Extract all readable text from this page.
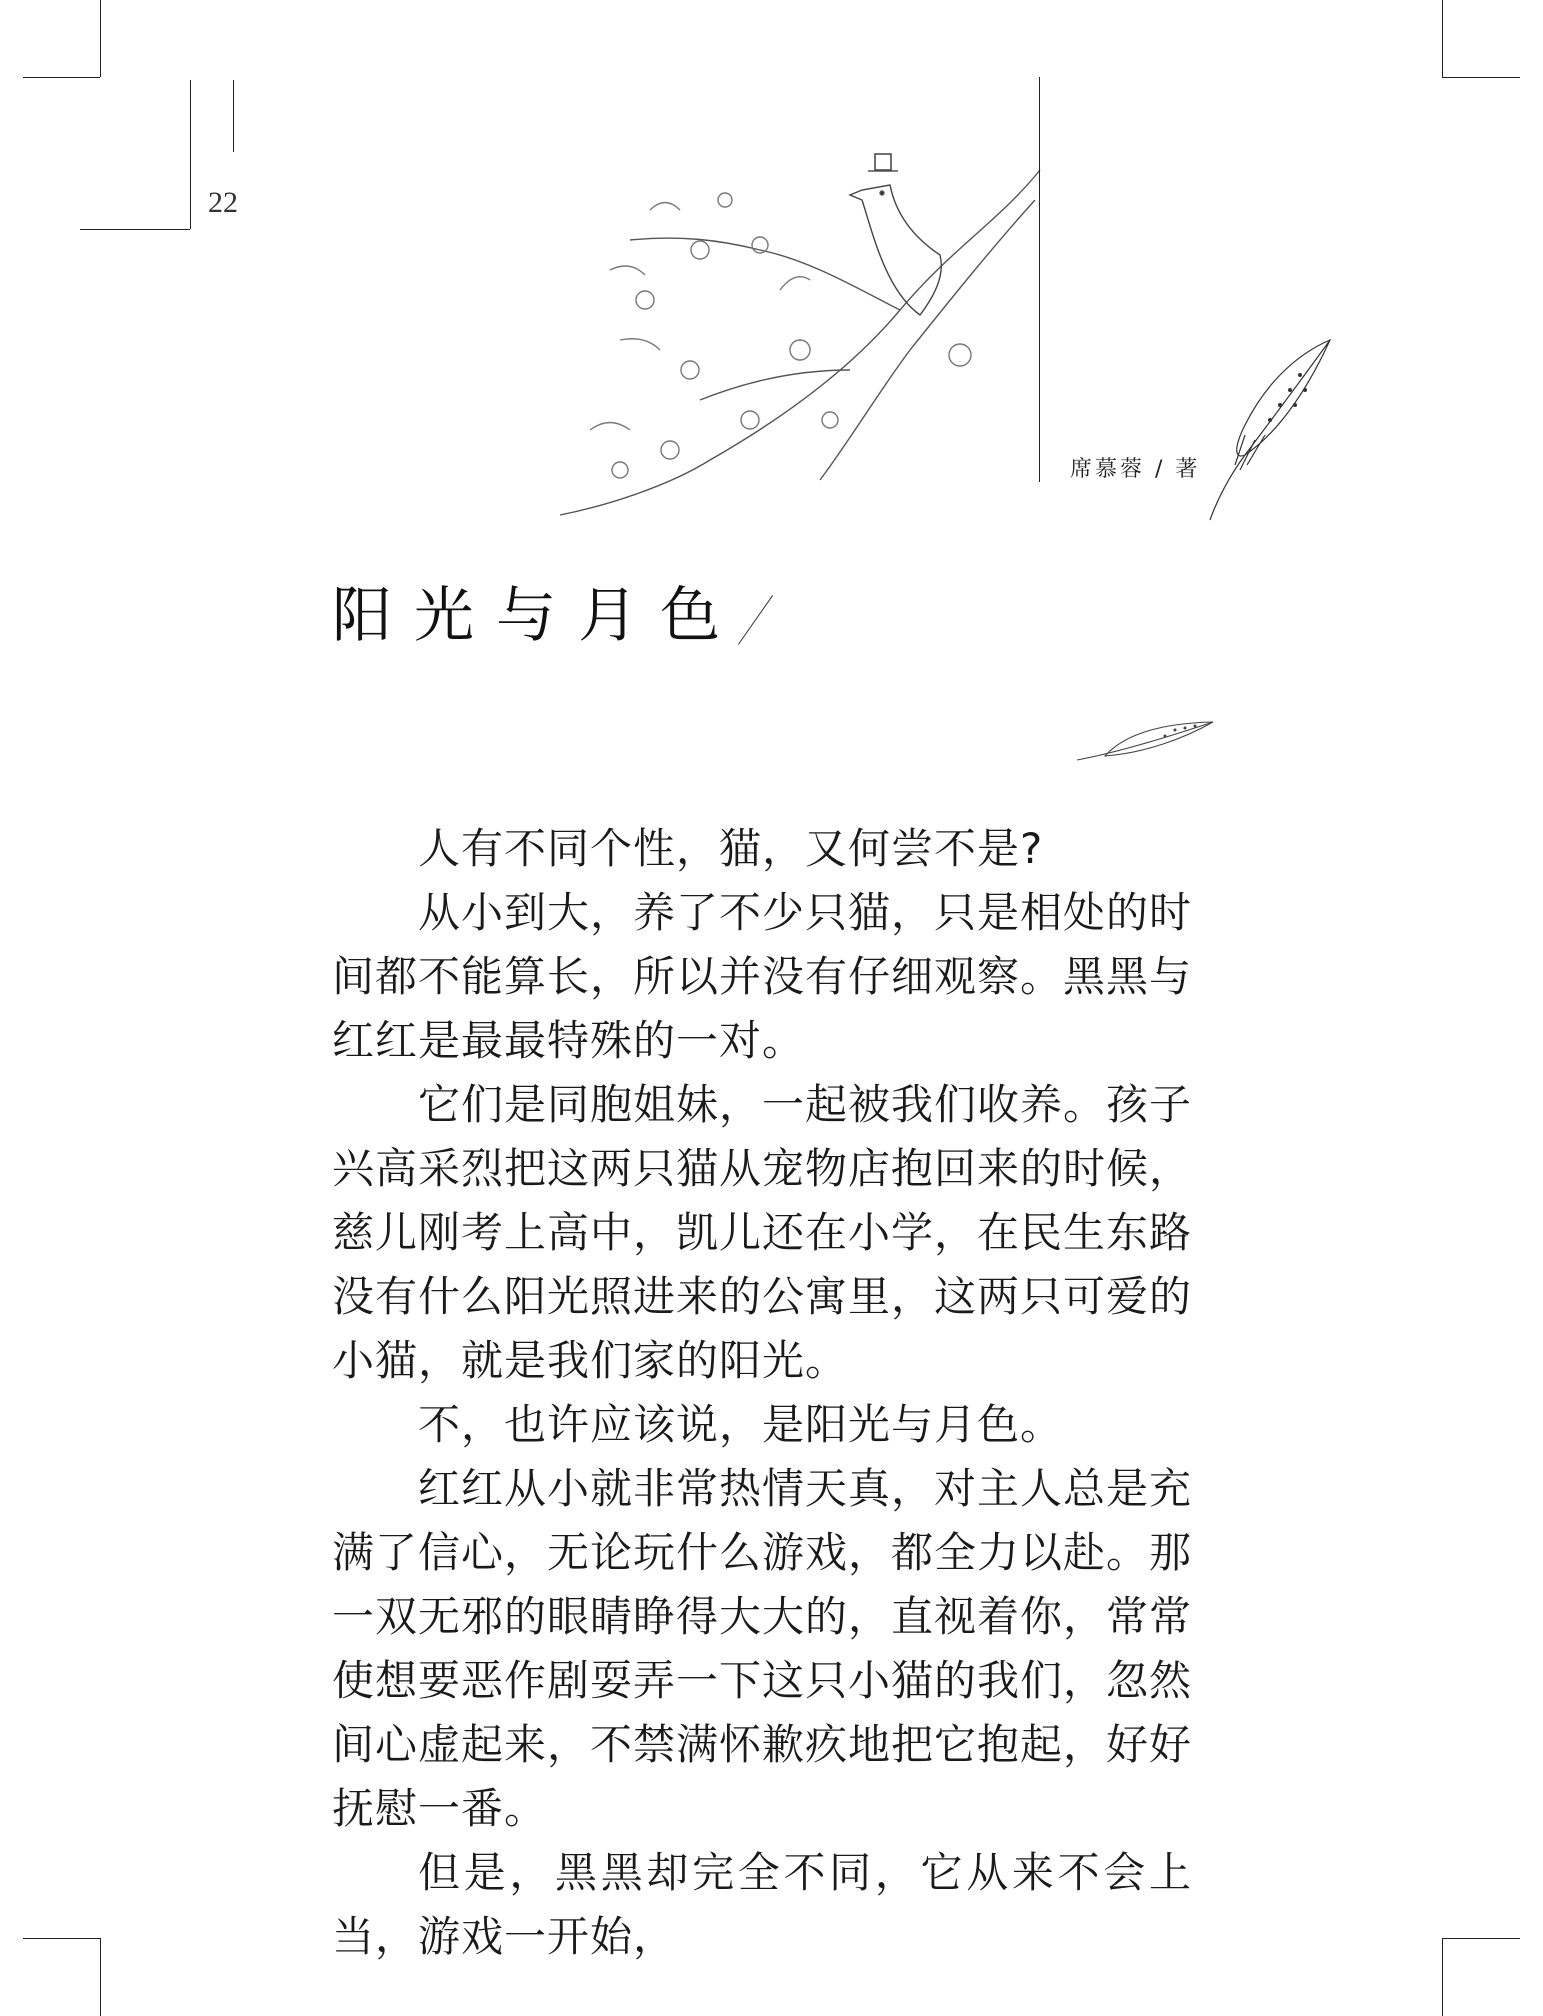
22
席慕蓉 / 著
阳光与月色

人有不同个性，猫，又何尝不是?

从小到大，养了不少只猫，只是相处的时间都不能算长，所以并没有仔细观察。黑黑与红红是最最特殊的一对。

它们是同胞姐妹，一起被我们收养。孩子兴高采烈把这两只猫从宠物店抱回来的时候，慈儿刚考上高中，凯儿还在小学，在民生东路没有什么阳光照进来的公寓里，这两只可爱的小猫，就是我们家的阳光。

不，也许应该说，是阳光与月色。

红红从小就非常热情天真，对主人总是充满了信心，无论玩什么游戏，都全力以赴。那一双无邪的眼睛睁得大大的，直视着你，常常使想要恶作剧耍弄一下这只小猫的我们，忽然间心虚起来，不禁满怀歉疚地把它抱起，好好抚慰一番。

但是，黑黑却完全不同，它从来不会上当，游戏一开始，
